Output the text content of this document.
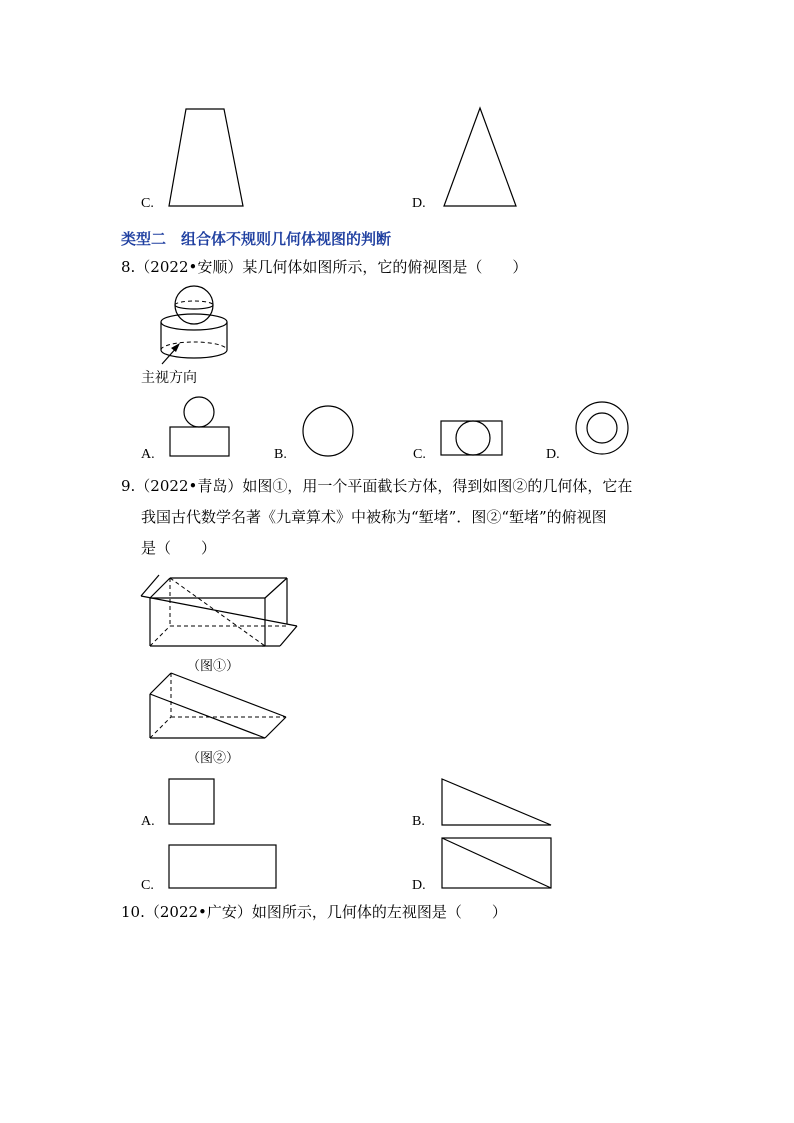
C.	D.
类型二　组合体不规则几何体视图的判断
8.（2022•安顺）某几何体如图所示，它的俯视图是（　　）
主视方向
A.	B.	C.	D.
9.（2022•青岛）如图①，用一个平面截长方体，得到如图②的几何体，它在
我国古代数学名著《九章算术》中被称为“堑堵”．图②“堑堵”的俯视图
是（　　）
（图①）
（图②）
A.	B.
C.	D.
10.（2022•广安）如图所示，几何体的左视图是（　　）
